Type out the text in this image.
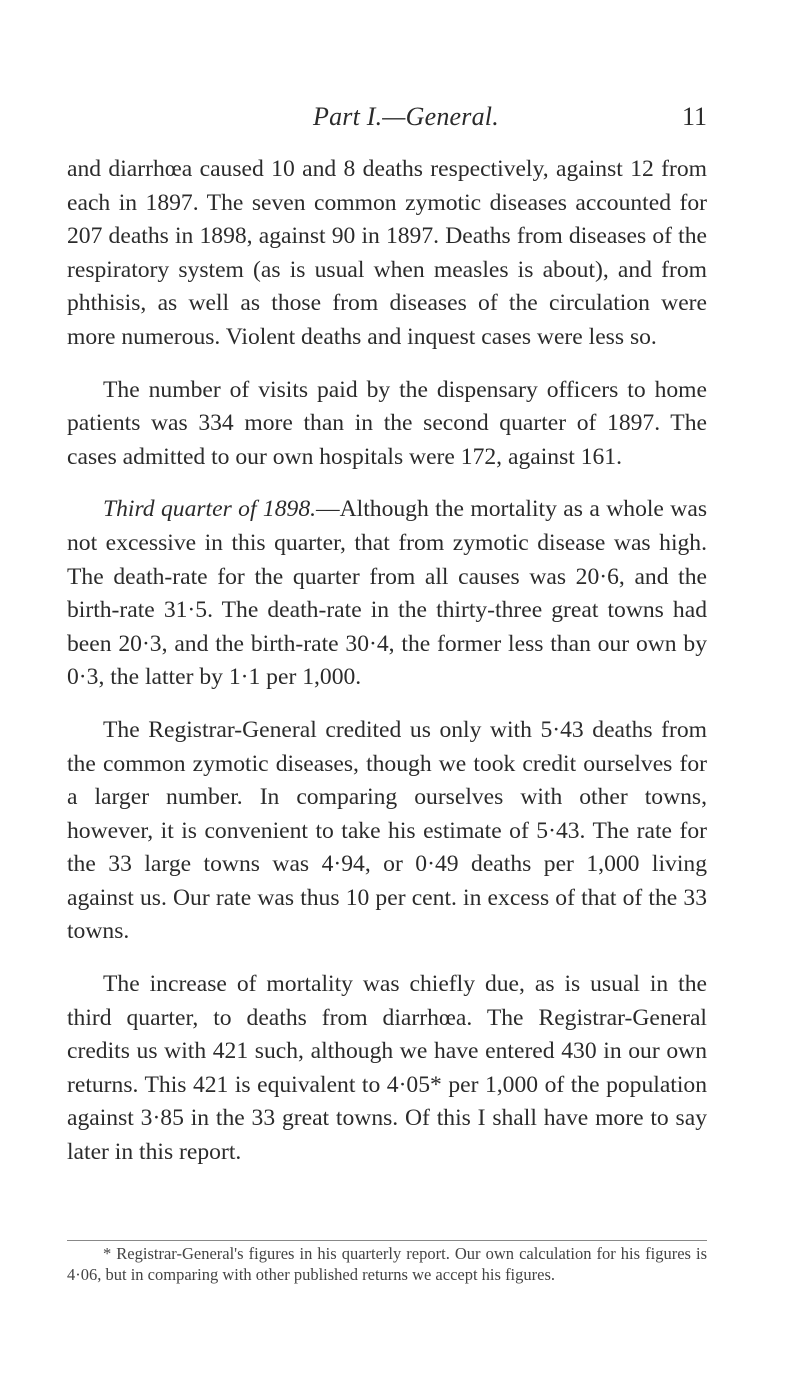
Part I.—General.	11

and diarrhœa caused 10 and 8 deaths respectively, against 12 from each in 1897. The seven common zymotic diseases accounted for 207 deaths in 1898, against 90 in 1897. Deaths from diseases of the respiratory system (as is usual when measles is about), and from phthisis, as well as those from diseases of the circulation were more numerous. Violent deaths and inquest cases were less so.

The number of visits paid by the dispensary officers to home patients was 334 more than in the second quarter of 1897. The cases admitted to our own hospitals were 172, against 161.

Third quarter of 1898.—Although the mortality as a whole was not excessive in this quarter, that from zymotic disease was high. The death-rate for the quarter from all causes was 20·6, and the birth-rate 31·5. The death-rate in the thirty-three great towns had been 20·3, and the birth-rate 30·4, the former less than our own by 0·3, the latter by 1·1 per 1,000.

The Registrar-General credited us only with 5·43 deaths from the common zymotic diseases, though we took credit ourselves for a larger number. In comparing ourselves with other towns, however, it is convenient to take his estimate of 5·43. The rate for the 33 large towns was 4·94, or 0·49 deaths per 1,000 living against us. Our rate was thus 10 per cent. in excess of that of the 33 towns.

The increase of mortality was chiefly due, as is usual in the third quarter, to deaths from diarrhœa. The Registrar-General credits us with 421 such, although we have entered 430 in our own returns. This 421 is equivalent to 4·05* per 1,000 of the population against 3·85 in the 33 great towns. Of this I shall have more to say later in this report.

* Registrar-General's figures in his quarterly report. Our own calculation for his figures is 4·06, but in comparing with other published returns we accept his figures.
